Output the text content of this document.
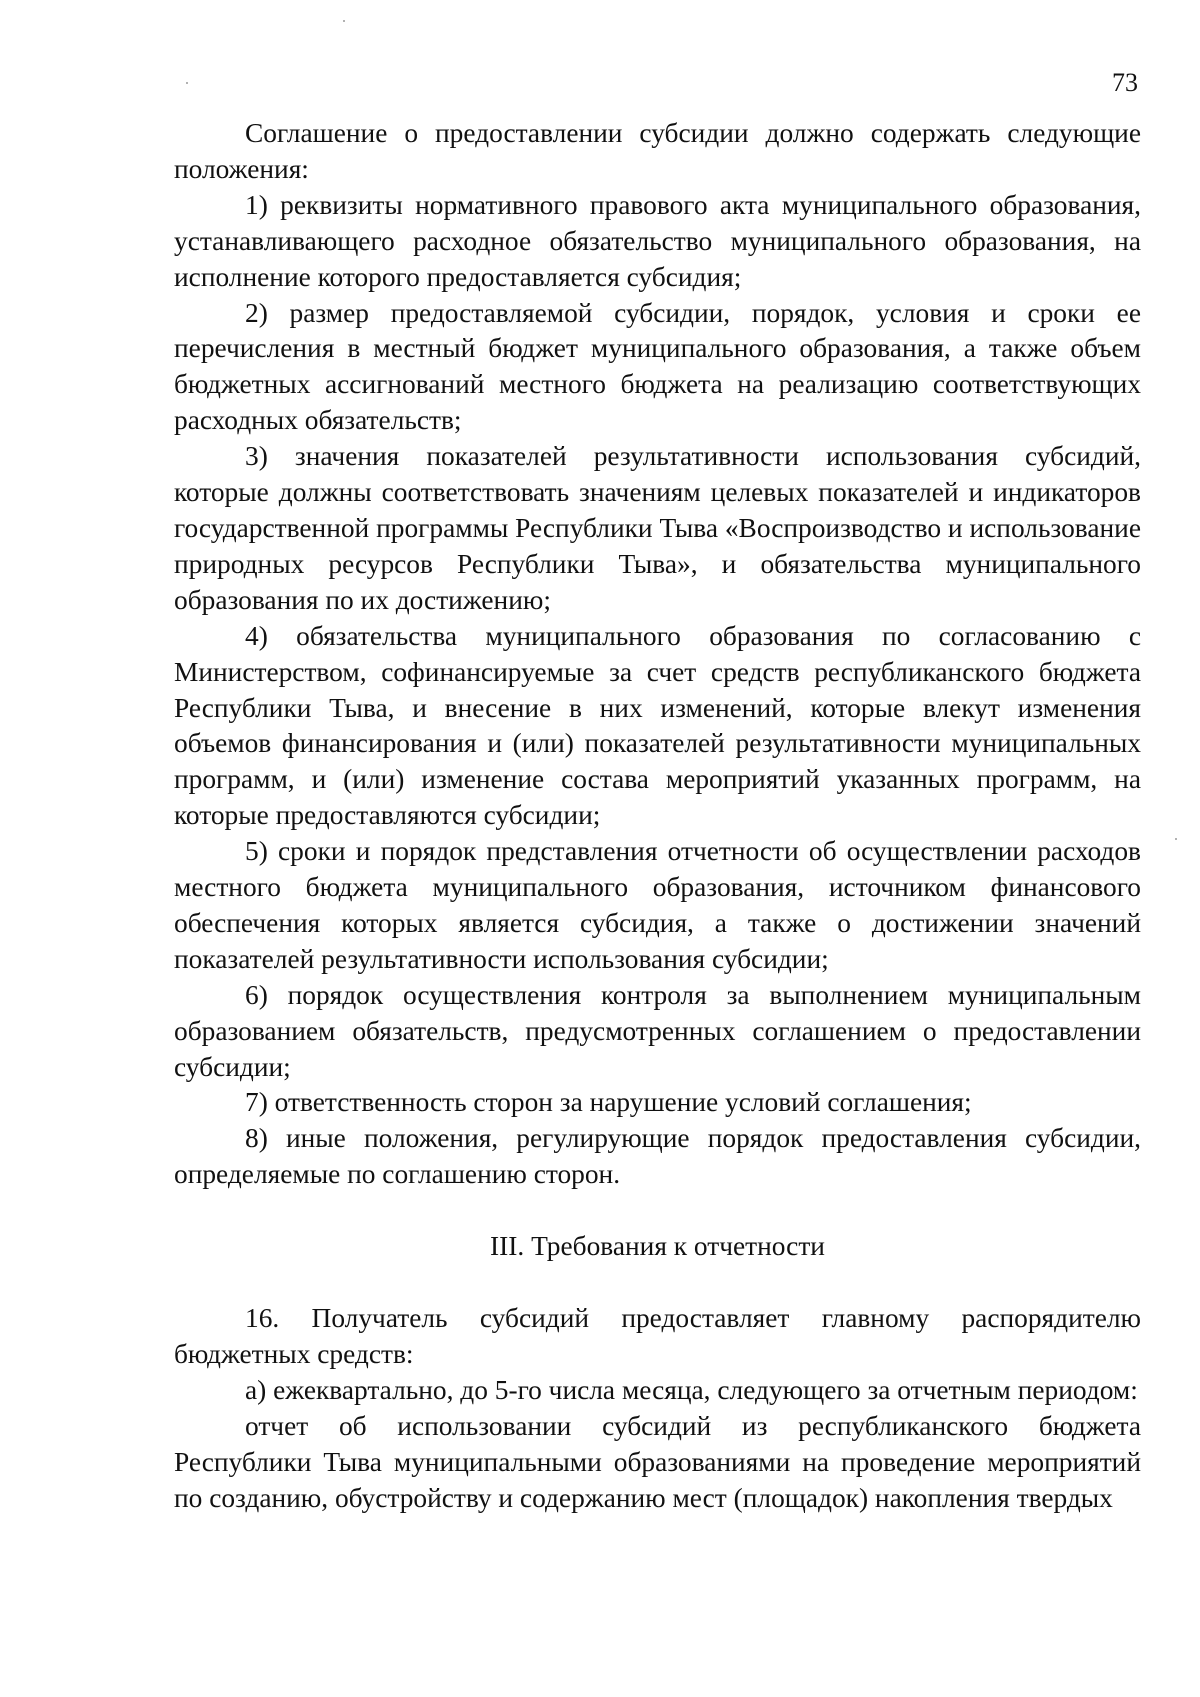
73

Соглашение о предоставлении субсидии должно содержать следующие положения:

1) реквизиты нормативного правового акта муниципального образования, устанавливающего расходное обязательство муниципального образования, на исполнение которого предоставляется субсидия;

2) размер предоставляемой субсидии, порядок, условия и сроки ее перечисления в местный бюджет муниципального образования, а также объем бюджетных ассигнований местного бюджета на реализацию соответствующих расходных обязательств;

3) значения показателей результативности использования субсидий, которые должны соответствовать значениям целевых показателей и индикаторов государственной программы Республики Тыва «Воспроизводство и использование природных ресурсов Республики Тыва», и обязательства муниципального образования по их достижению;

4) обязательства муниципального образования по согласованию с Министерством, софинансируемые за счет средств республиканского бюджета Республики Тыва, и внесение в них изменений, которые влекут изменения объемов финансирования и (или) показателей результативности муниципальных программ, и (или) изменение состава мероприятий указанных программ, на которые предоставляются субсидии;

5) сроки и порядок представления отчетности об осуществлении расходов местного бюджета муниципального образования, источником финансового обеспечения которых является субсидия, а также о достижении значений показателей результативности использования субсидии;

6) порядок осуществления контроля за выполнением муниципальным образованием обязательств, предусмотренных соглашением о предоставлении субсидии;

7) ответственность сторон за нарушение условий соглашения;

8) иные положения, регулирующие порядок предоставления субсидии, определяемые по соглашению сторон.

III. Требования к отчетности

16. Получатель субсидий предоставляет главному распорядителю бюджетных средств:

а) ежеквартально, до 5-го числа месяца, следующего за отчетным периодом:

отчет об использовании субсидий из республиканского бюджета Республики Тыва муниципальными образованиями на проведение мероприятий по созданию, обустройству и содержанию мест (площадок) накопления твердых
